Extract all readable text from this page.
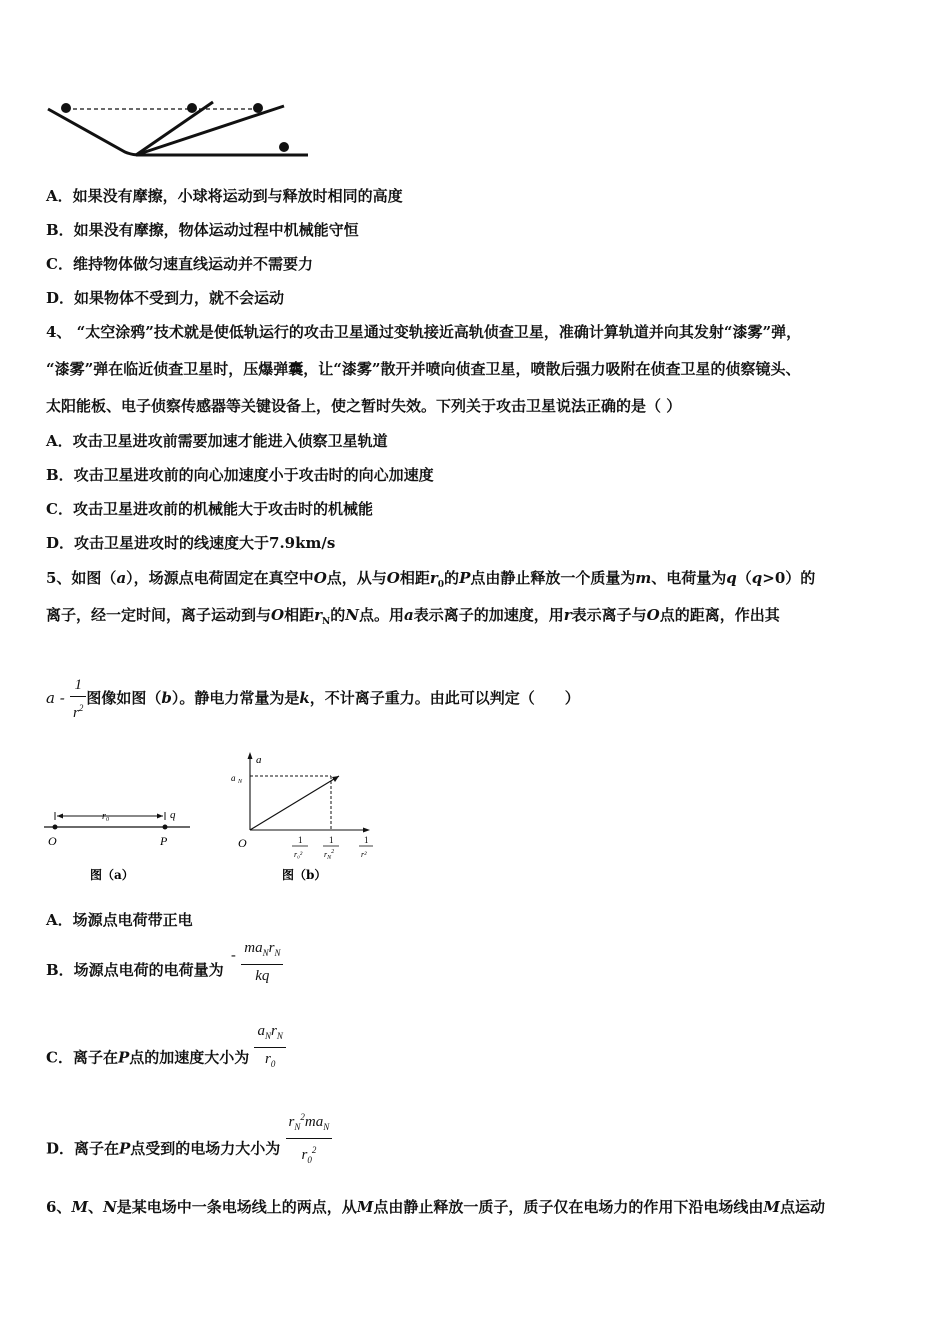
A．如果没有摩擦，小球将运动到与释放时相同的高度
B．如果没有摩擦，物体运动过程中机械能守恒
C．维持物体做匀速直线运动并不需要力
D．如果物体不受到力，就不会运动
4、 “太空涂鸦”技术就是使低轨运行的攻击卫星通过变轨接近高轨侦查卫星，准确计算轨道并向其发射“漆雾”弹，
“漆雾”弹在临近侦查卫星时，压爆弹囊，让“漆雾”散开并喷向侦查卫星，喷散后强力吸附在侦查卫星的侦察镜头、
太阳能板、电子侦察传感器等关键设备上，使之暂时失效。下列关于攻击卫星说法正确的是（ ）
A．攻击卫星进攻前需要加速才能进入侦察卫星轨道
B．攻击卫星进攻前的向心加速度小于攻击时的向心加速度
C．攻击卫星进攻前的机械能大于攻击时的机械能
D．攻击卫星进攻时的线速度大于7.9km/s
5、如图（a），场源点电荷固定在真空中O点，从与O相距$r_0$的P点由静止释放一个质量为m、电荷量为q（q>0）的
离子，经一定时间，离子运动到与O相距$r_N$的N点。用a表示离子的加速度，用r表示离子与O点的距离，作出其
a - $\frac{1}{r^2}$ 图像如图（b）。静电力常量为是k，不计离子重力。由此可以判定（　　）
r₀	q
O	P
图（a）
a
a N
O	1
r₀²
1
$r_N^2$
1
r²
图（b）
A．场源点电荷带正电
B．场源点电荷的电荷量为 - $\frac{ma_Nr_N}{kq}$
C．离子在P点的加速度大小为 $\frac{a_Nr_N}{r_0}$
D．离子在P点受到的电场力大小为 $\frac{r_N^2ma_N}{r_0^2}$
6、M、N是某电场中一条电场线上的两点，从M点由静止释放一质子，质子仅在电场力的作用下沿电场线由M点运动
